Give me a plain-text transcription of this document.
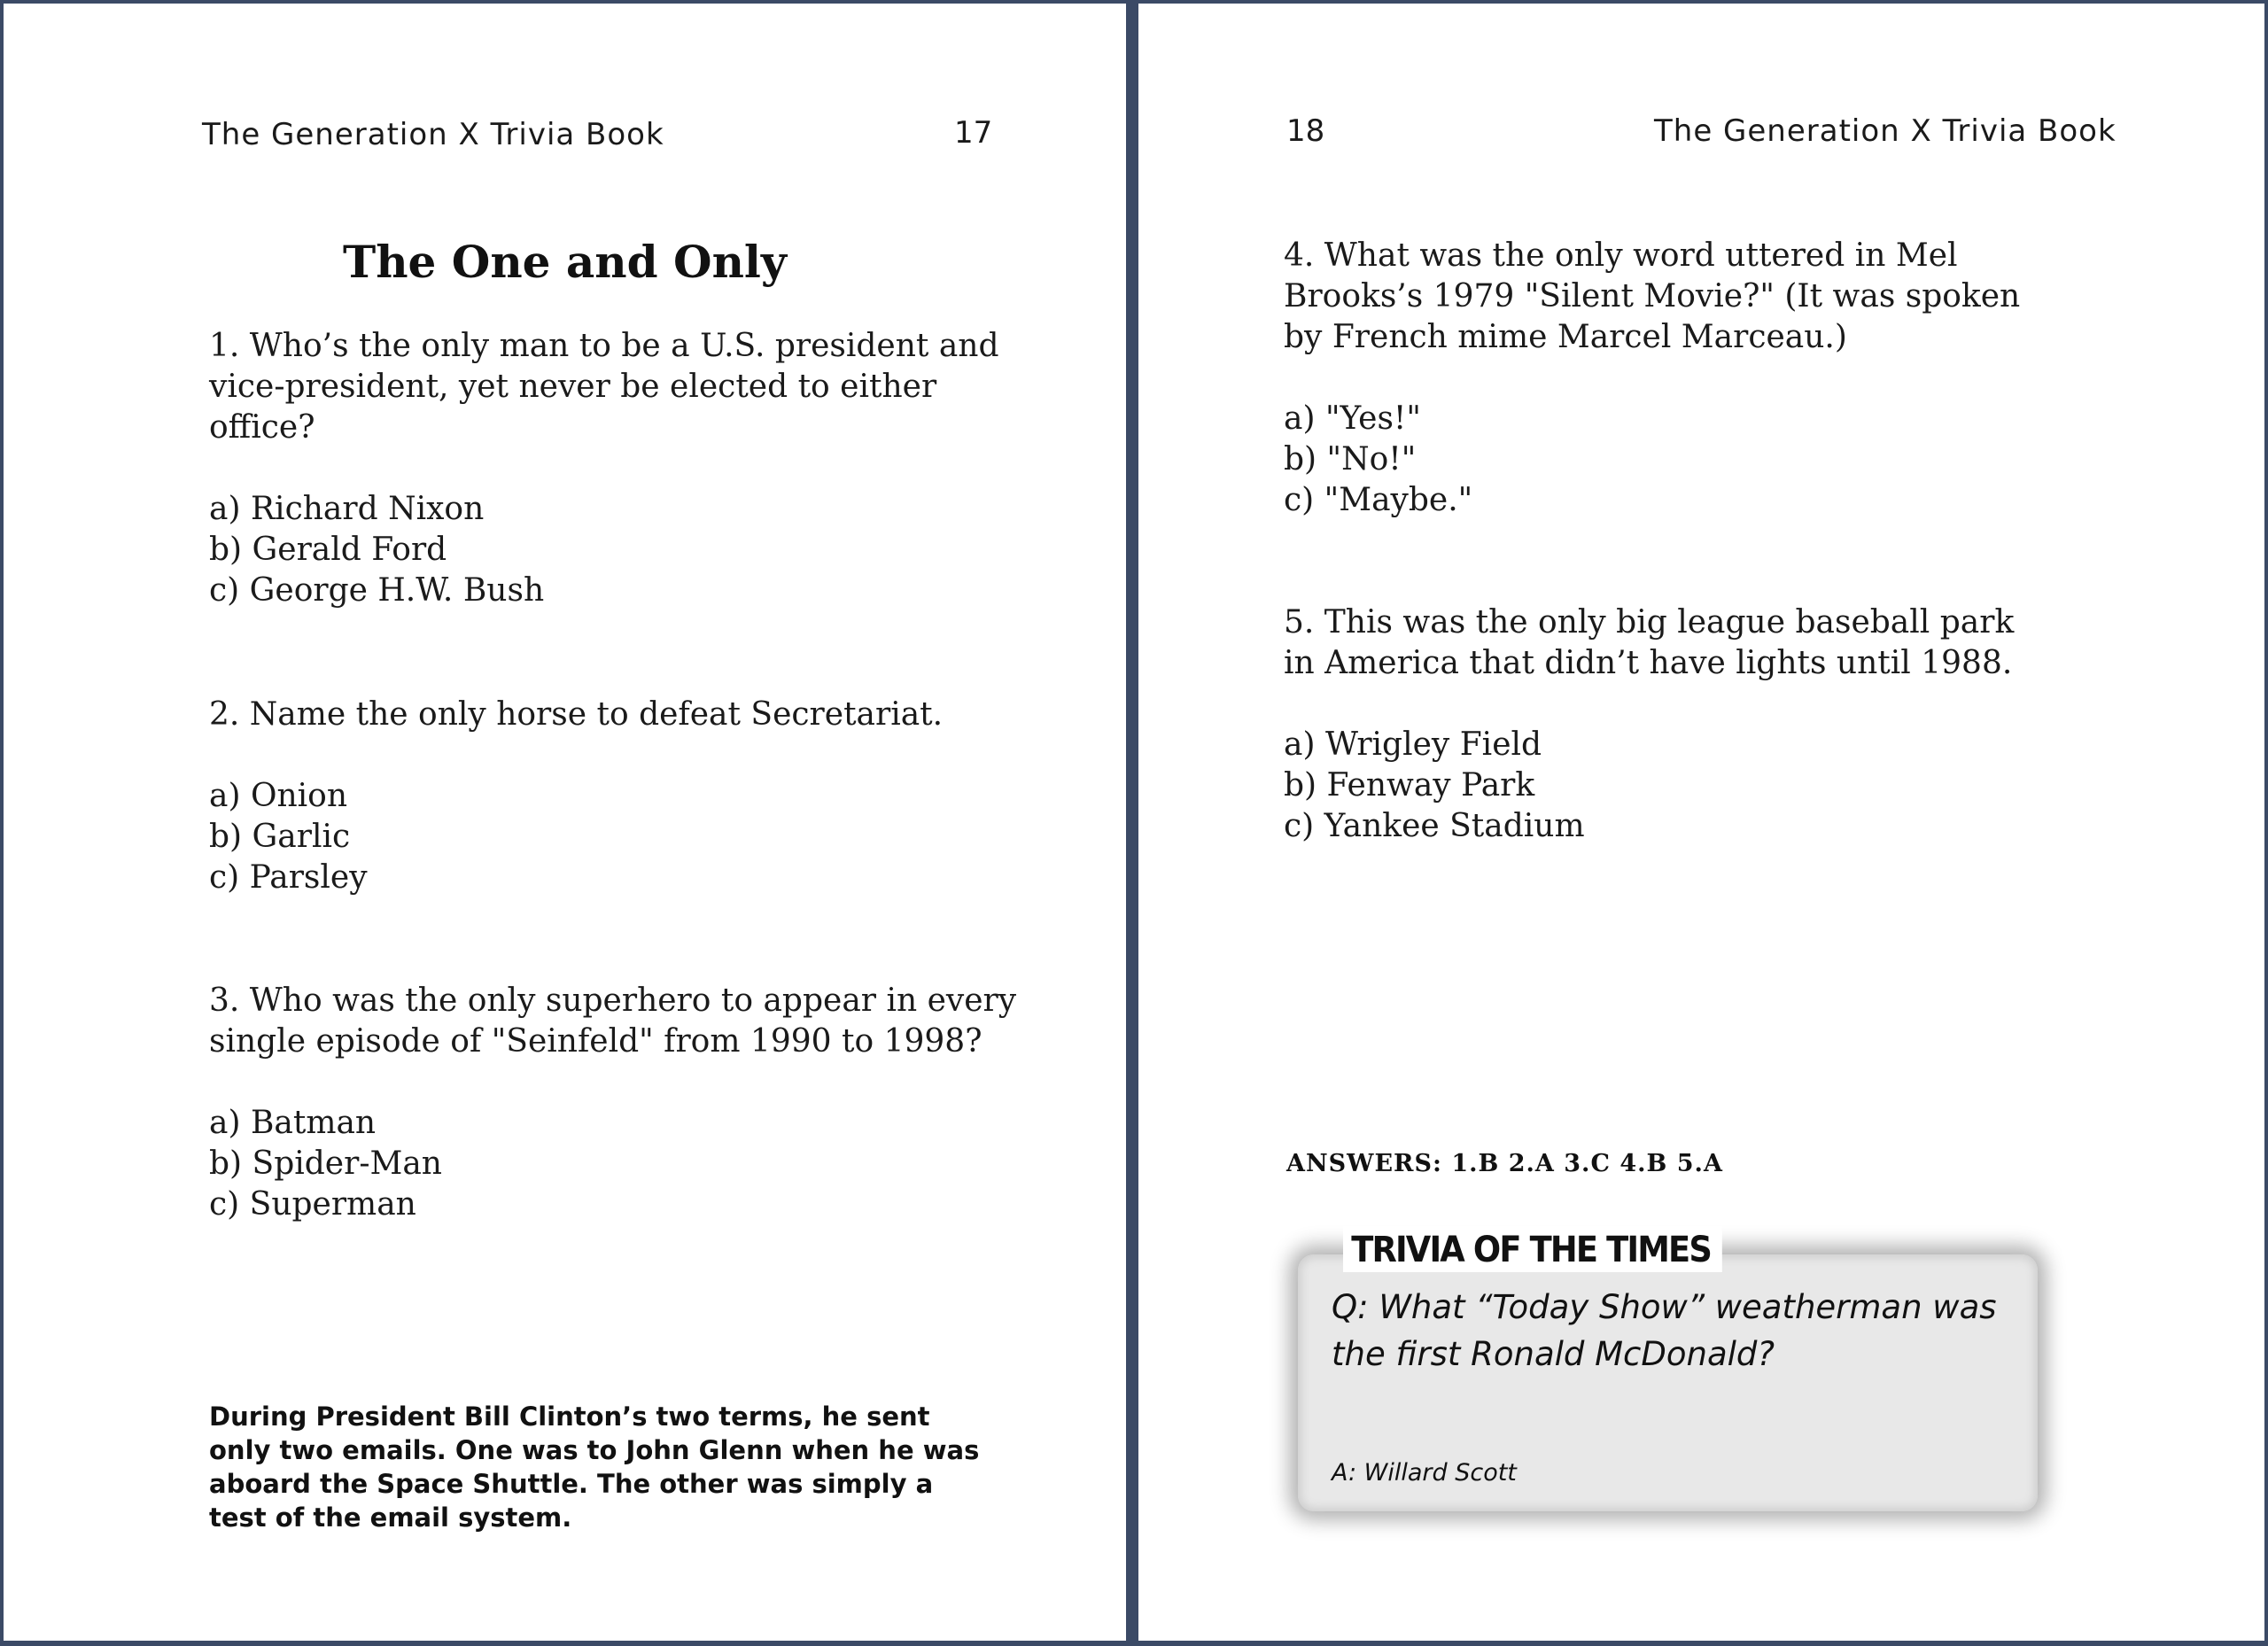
The Generation X Trivia Book	17
The One and Only

1. Who’s the only man to be a U.S. president and vice-president, yet never be elected to either office?

a) Richard Nixon
b) Gerald Ford
c) George H.W. Bush

2. Name the only horse to defeat Secretariat.

a) Onion
b) Garlic
c) Parsley

3. Who was the only superhero to appear in every single episode of "Seinfeld" from 1990 to 1998?

a) Batman
b) Spider-Man
c) Superman
During President Bill Clinton’s two terms, he sent only two emails. One was to John Glenn when he was aboard the Space Shuttle. The other was simply a test of the email system.
18	The Generation X Trivia Book

4. What was the only word uttered in Mel Brooks’s 1979 "Silent Movie?" (It was spoken by French mime Marcel Marceau.)

a) "Yes!"
b) "No!"
c) "Maybe."

5. This was the only big league baseball park in America that didn’t have lights until 1988.

a) Wrigley Field
b) Fenway Park
c) Yankee Stadium
ANSWERS: 1.B 2.A 3.C 4.B 5.A
TRIVIA OF THE TIMES
Q: What “Today Show” weatherman was the first Ronald McDonald?
A: Willard Scott
